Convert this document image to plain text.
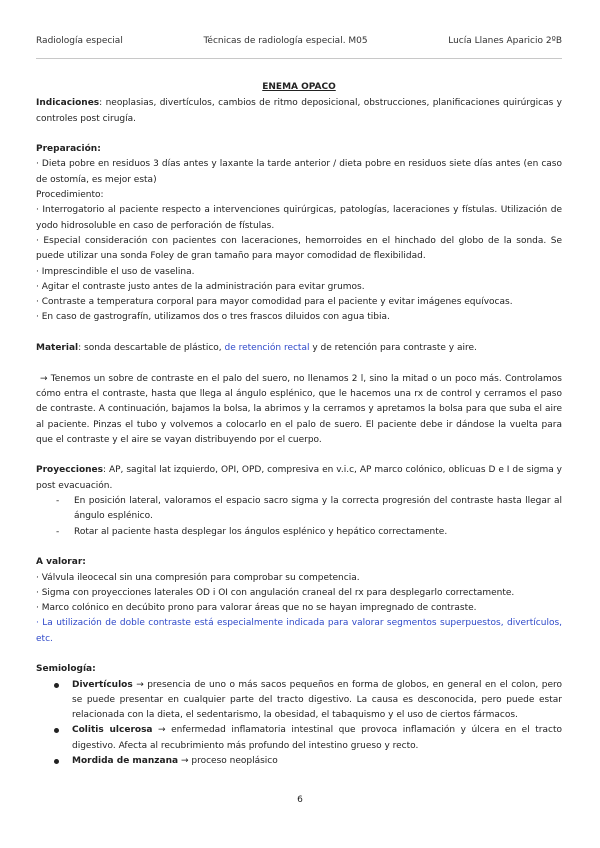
Radiología especial	Técnicas de radiología especial. M05	Lucía Llanes Aparicio 2ºB

ENEMA OPACO

Indicaciones: neoplasias, divertículos, cambios de ritmo deposicional, obstrucciones, planificaciones quirúrgicas y controles post cirugía.

Preparación:

· Dieta pobre en residuos 3 días antes y laxante la tarde anterior / dieta pobre en residuos siete días antes (en caso de ostomía, es mejor esta)

Procedimiento:

· Interrogatorio al paciente respecto a intervenciones quirúrgicas, patologías, laceraciones y fístulas. Utilización de yodo hidrosoluble en caso de perforación de fístulas.

· Especial consideración con pacientes con laceraciones, hemorroides en el hinchado del globo de la sonda. Se puede utilizar una sonda Foley de gran tamaño para mayor comodidad de flexibilidad.

· Imprescindible el uso de vaselina.

· Agitar el contraste justo antes de la administración para evitar grumos.

· Contraste a temperatura corporal para mayor comodidad para el paciente y evitar imágenes equívocas.

· En caso de gastrografín, utilizamos dos o tres frascos diluidos con agua tibia.

Material: sonda descartable de plástico, de retención rectal y de retención para contraste y aire.

→ Tenemos un sobre de contraste en el palo del suero, no llenamos 2 l, sino la mitad o un poco más. Controlamos cómo entra el contraste, hasta que llega al ángulo esplénico, que le hacemos una rx de control y cerramos el paso de contraste. A continuación, bajamos la bolsa, la abrimos y la cerramos y apretamos la bolsa para que suba el aire al paciente. Pinzas el tubo y volvemos a colocarlo en el palo de suero. El paciente debe ir dándose la vuelta para que el contraste y el aire se vayan distribuyendo por el cuerpo.

Proyecciones: AP, sagital lat izquierdo, OPI, OPD, compresiva en v.i.c, AP marco colónico, oblicuas D e I de sigma y post evacuación.

- En posición lateral, valoramos el espacio sacro sigma y la correcta progresión del contraste hasta llegar al ángulo esplénico.
- Rotar al paciente hasta desplegar los ángulos esplénico y hepático correctamente.

A valorar:

· Válvula ileocecal sin una compresión para comprobar su competencia.

· Sigma con proyecciones laterales OD i OI con angulación craneal del rx para desplegarlo correctamente.

· Marco colónico en decúbito prono para valorar áreas que no se hayan impregnado de contraste.

· La utilización de doble contraste está especialmente indicada para valorar segmentos superpuestos, divertículos, etc.

Semiología:

Divertículos → presencia de uno o más sacos pequeños en forma de globos, en general en el colon, pero se puede presentar en cualquier parte del tracto digestivo. La causa es desconocida, pero puede estar relacionada con la dieta, el sedentarismo, la obesidad, el tabaquismo y el uso de ciertos fármacos.
Colitis ulcerosa → enfermedad inflamatoria intestinal que provoca inflamación y úlcera en el tracto digestivo. Afecta al recubrimiento más profundo del intestino grueso y recto.
Mordida de manzana → proceso neoplásico
6
